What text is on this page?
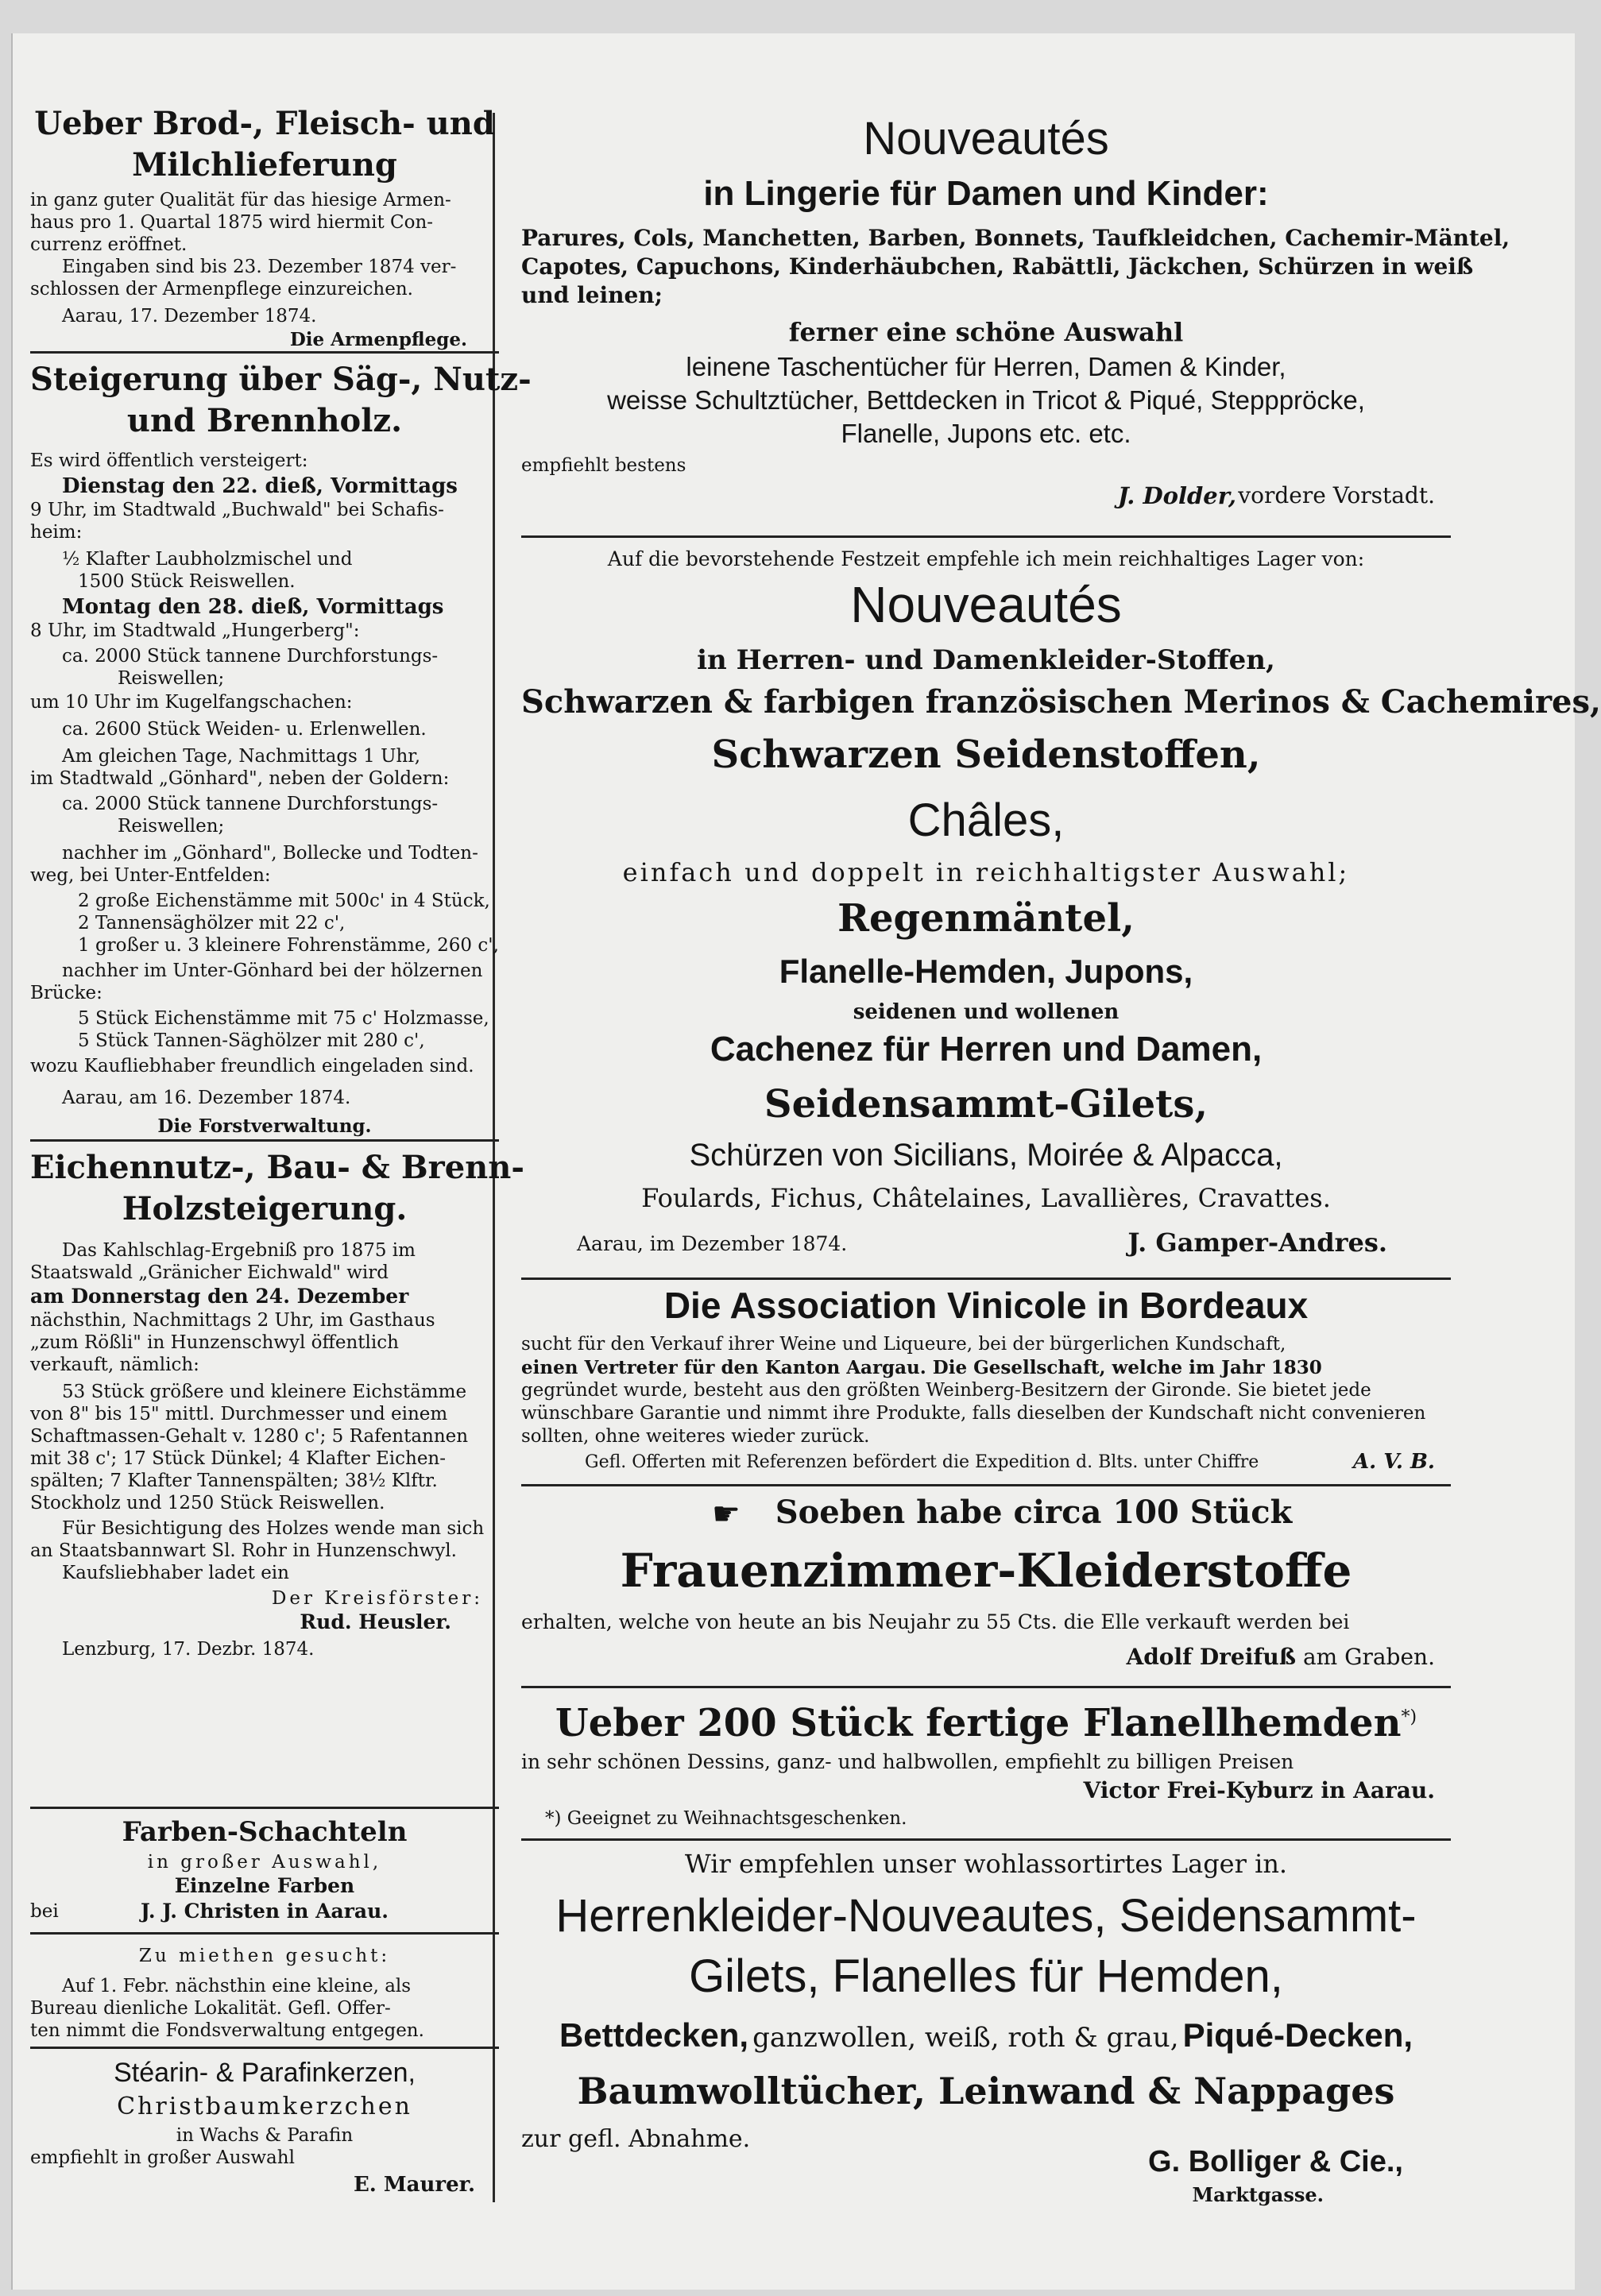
Ueber Brod-, Fleisch- und
Milchlieferung
in ganz guter Qualität für das hiesige Armen-
haus pro 1. Quartal 1875 wird hiermit Con-
currenz eröffnet.
Eingaben sind bis 23. Dezember 1874 ver-
schlossen der Armenpflege einzureichen.
Aarau, 17. Dezember 1874.
Die Armenpflege.
Steigerung über Säg-, Nutz-
und Brennholz.
Es wird öffentlich versteigert:
Dienstag den 22. dieß, Vormittags
9 Uhr, im Stadtwald „Buchwald" bei Schafis-
heim:
½ Klafter Laubholzmischel und
1500 Stück Reiswellen.
Montag den 28. dieß, Vormittags
8 Uhr, im Stadtwald „Hungerberg":
ca. 2000 Stück tannene Durchforstungs-
Reiswellen;
um 10 Uhr im Kugelfangschachen:
ca. 2600 Stück Weiden- u. Erlenwellen.
Am gleichen Tage, Nachmittags 1 Uhr,
im Stadtwald „Gönhard", neben der Goldern:
ca. 2000 Stück tannene Durchforstungs-
Reiswellen;
nachher im „Gönhard", Bollecke und Todten-
weg, bei Unter-Entfelden:
2 große Eichenstämme mit 500c' in 4 Stück,
2 Tannensäghölzer mit 22 c',
1 großer u. 3 kleinere Fohrenstämme, 260 c',
nachher im Unter-Gönhard bei der hölzernen
Brücke:
5 Stück Eichenstämme mit 75 c' Holzmasse,
5 Stück Tannen-Säghölzer mit 280 c',
wozu Kaufliebhaber freundlich eingeladen sind.
Aarau, am 16. Dezember 1874.
Die Forstverwaltung.
Eichennutz-, Bau- & Brenn-
Holzsteigerung.
Das Kahlschlag-Ergebniß pro 1875 im
Staatswald „Gränicher Eichwald" wird
am Donnerstag den 24. Dezember
nächsthin, Nachmittags 2 Uhr, im Gasthaus
„zum Rößli" in Hunzenschwyl öffentlich
verkauft, nämlich:
53 Stück größere und kleinere Eichstämme
von 8" bis 15" mittl. Durchmesser und einem
Schaftmassen-Gehalt v. 1280 c'; 5 Rafentannen
mit 38 c'; 17 Stück Dünkel; 4 Klafter Eichen-
spälten; 7 Klafter Tannenspälten; 38½ Klftr.
Stockholz und 1250 Stück Reiswellen.
Für Besichtigung des Holzes wende man sich
an Staatsbannwart Sl. Rohr in Hunzenschwyl.
Kaufsliebhaber ladet ein
Der Kreisförster:
Rud. Heusler.
Lenzburg, 17. Dezbr. 1874.
Farben-Schachteln
in großer Auswahl,
Einzelne Farben
bei	J. J. Christen in Aarau.
Zu miethen gesucht:
Auf 1. Febr. nächsthin eine kleine, als
Bureau dienliche Lokalität. Gefl. Offer-
ten nimmt die Fondsverwaltung entgegen.
Stéarin- & Parafinkerzen,
Christbaumkerzchen
in Wachs & Parafin
empfiehlt in großer Auswahl
E. Maurer.
Nouveautés
in Lingerie für Damen und Kinder:
Parures, Cols, Manchetten, Barben, Bonnets, Taufkleidchen, Cachemir-Mäntel,
Capotes, Capuchons, Kinderhäubchen, Rabättli, Jäckchen, Schürzen in weiß
und leinen;
ferner eine schöne Auswahl
leinene Taschentücher für Herren, Damen & Kinder,
weisse Schultztücher, Bettdecken in Tricot & Piqué, Stepppröcke,
Flanelle, Jupons etc. etc.
empfiehlt bestens
J. Dolder, vordere Vorstadt.
Auf die bevorstehende Festzeit empfehle ich mein reichhaltiges Lager von:
Nouveautés
in Herren- und Damenkleider-Stoffen,
Schwarzen & farbigen französischen Merinos & Cachemires,
Schwarzen Seidenstoffen,
Châles,
einfach und doppelt in reichhaltigster Auswahl;
Regenmäntel,
Flanelle-Hemden, Jupons,
seidenen und wollenen
Cachenez für Herren und Damen,
Seidensammt-Gilets,
Schürzen von Sicilians, Moirée & Alpacca,
Foulards, Fichus, Châtelaines, Lavallières, Cravattes.
Aarau, im Dezember 1874.	J. Gamper-Andres.
Die Association Vinicole in Bordeaux
sucht für den Verkauf ihrer Weine und Liqueure, bei der bürgerlichen Kundschaft,
einen Vertreter für den Kanton Aargau. Die Gesellschaft, welche im Jahr 1830
gegründet wurde, besteht aus den größten Weinberg-Besitzern der Gironde. Sie bietet jede
wünschbare Garantie und nimmt ihre Produkte, falls dieselben der Kundschaft nicht convenieren
sollten, ohne weiteres wieder zurück.
Gefl. Offerten mit Referenzen befördert die Expedition d. Blts. unter Chiffre	A. V. B.
☛	Soeben habe circa 100 Stück
Frauenzimmer-Kleiderstoffe
erhalten, welche von heute an bis Neujahr zu 55 Cts. die Elle verkauft werden bei
Adolf Dreifuß am Graben.
Ueber 200 Stück fertige Flanellhemden*)
in sehr schönen Dessins, ganz- und halbwollen, empfiehlt zu billigen Preisen
Victor Frei-Kyburz in Aarau.
*) Geeignet zu Weihnachtsgeschenken.
Wir empfehlen unser wohlassortirtes Lager in.
Herrenkleider-Nouveautes, Seidensammt-
Gilets, Flanelles für Hemden,
Bettdecken, ganzwollen, weiß, roth & grau, Piqué-Decken,
Baumwolltücher, Leinwand & Nappages
zur gefl. Abnahme.
G. Bolliger & Cie.,
Marktgasse.
